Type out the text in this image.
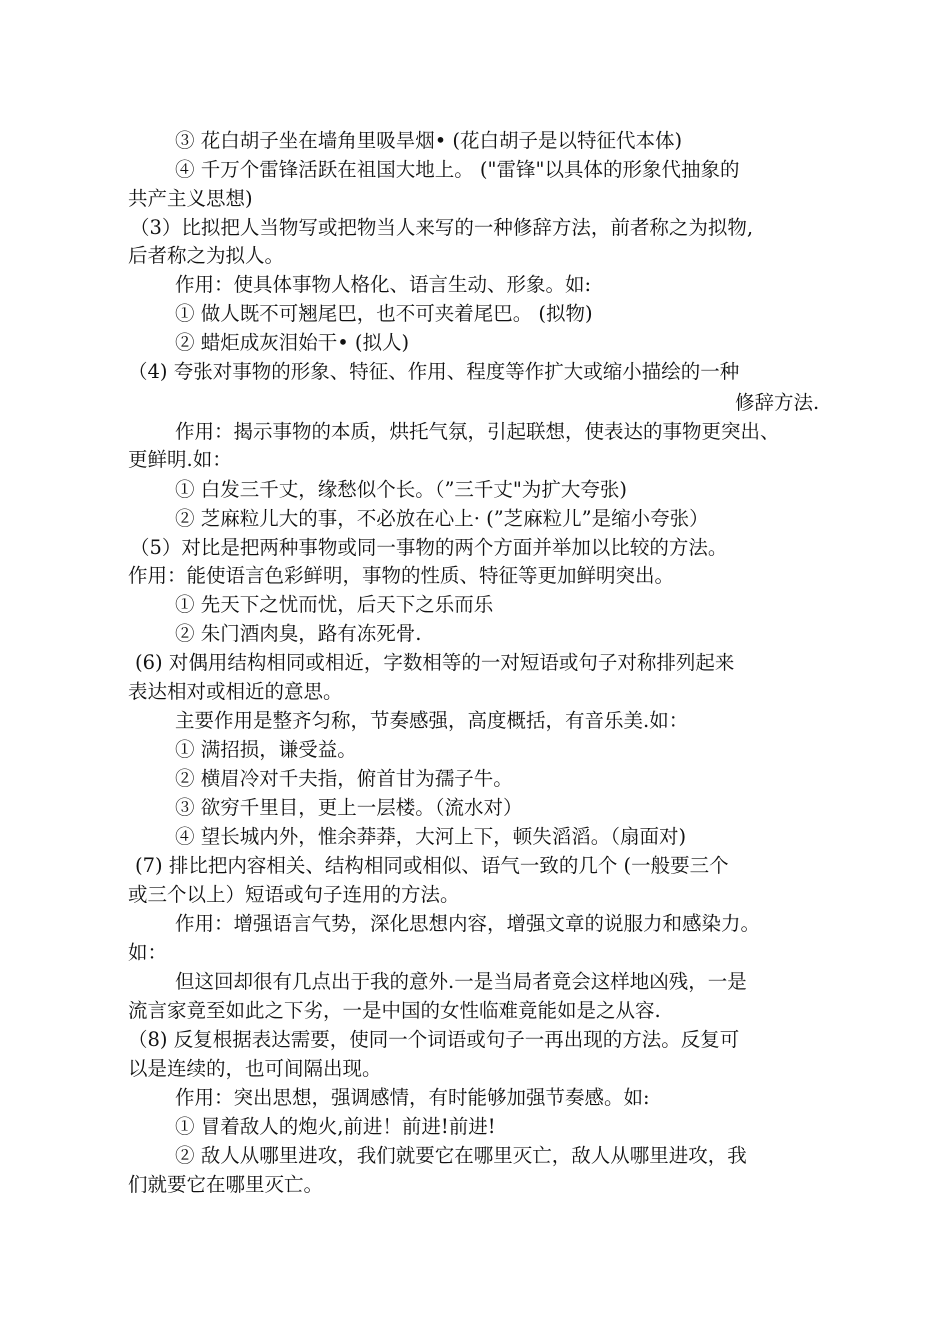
③ 花白胡子坐在墙角里吸旱烟• (花白胡子是以特征代本体)
④ 千万个雷锋活跃在祖国大地上。 ("雷锋"以具体的形象代抽象的
共产主义思想)
（3）比拟把人当物写或把物当人来写的一种修辞方法，前者称之为拟物,
后者称之为拟人。
作用：使具体事物人格化、语言生动、形象。如:
① 做人既不可翘尾巴，也不可夹着尾巴。 (拟物)
② 蜡炬成灰泪始干• (拟人)
（4) 夸张对事物的形象、特征、作用、程度等作扩大或缩小描绘的一种
修辞方法.
作用：揭示事物的本质，烘托气氛，引起联想，使表达的事物更突出、
更鲜明.如：
① 白发三千丈，缘愁似个长。（”三千丈"为扩大夸张)
② 芝麻粒儿大的事，不必放在心上· (”芝麻粒儿”是缩小夸张）
（5）对比是把两种事物或同一事物的两个方面并举加以比较的方法。
作用：能使语言色彩鲜明，事物的性质、特征等更加鲜明突出。
① 先天下之忧而忧，后天下之乐而乐
② 朱门酒肉臭，路有冻死骨.
(6) 对偶用结构相同或相近，字数相等的一对短语或句子对称排列起来
表达相对或相近的意思。
主要作用是整齐匀称，节奏感强，高度概括，有音乐美.如：
① 满招损，谦受益。
② 横眉冷对千夫指，俯首甘为孺子牛。
③ 欲穷千里目，更上一层楼。（流水对）
④ 望长城内外，惟余莽莽，大河上下，顿失滔滔。（扇面对)
(7) 排比把内容相关、结构相同或相似、语气一致的几个 (一般要三个
或三个以上）短语或句子连用的方法。
作用：增强语言气势，深化思想内容，增强文章的说服力和感染力。
如：
但这回却很有几点出于我的意外.一是当局者竟会这样地凶残，一是
流言家竟至如此之下劣，一是中国的女性临难竟能如是之从容.
（8) 反复根据表达需要，使同一个词语或句子一再出现的方法。反复可
以是连续的，也可间隔出现。
作用：突出思想，强调感情，有时能够加强节奏感。如:
① 冒着敌人的炮火,前进！前进!前进!
② 敌人从哪里进攻，我们就要它在哪里灭亡，敌人从哪里进攻，我
们就要它在哪里灭亡。
